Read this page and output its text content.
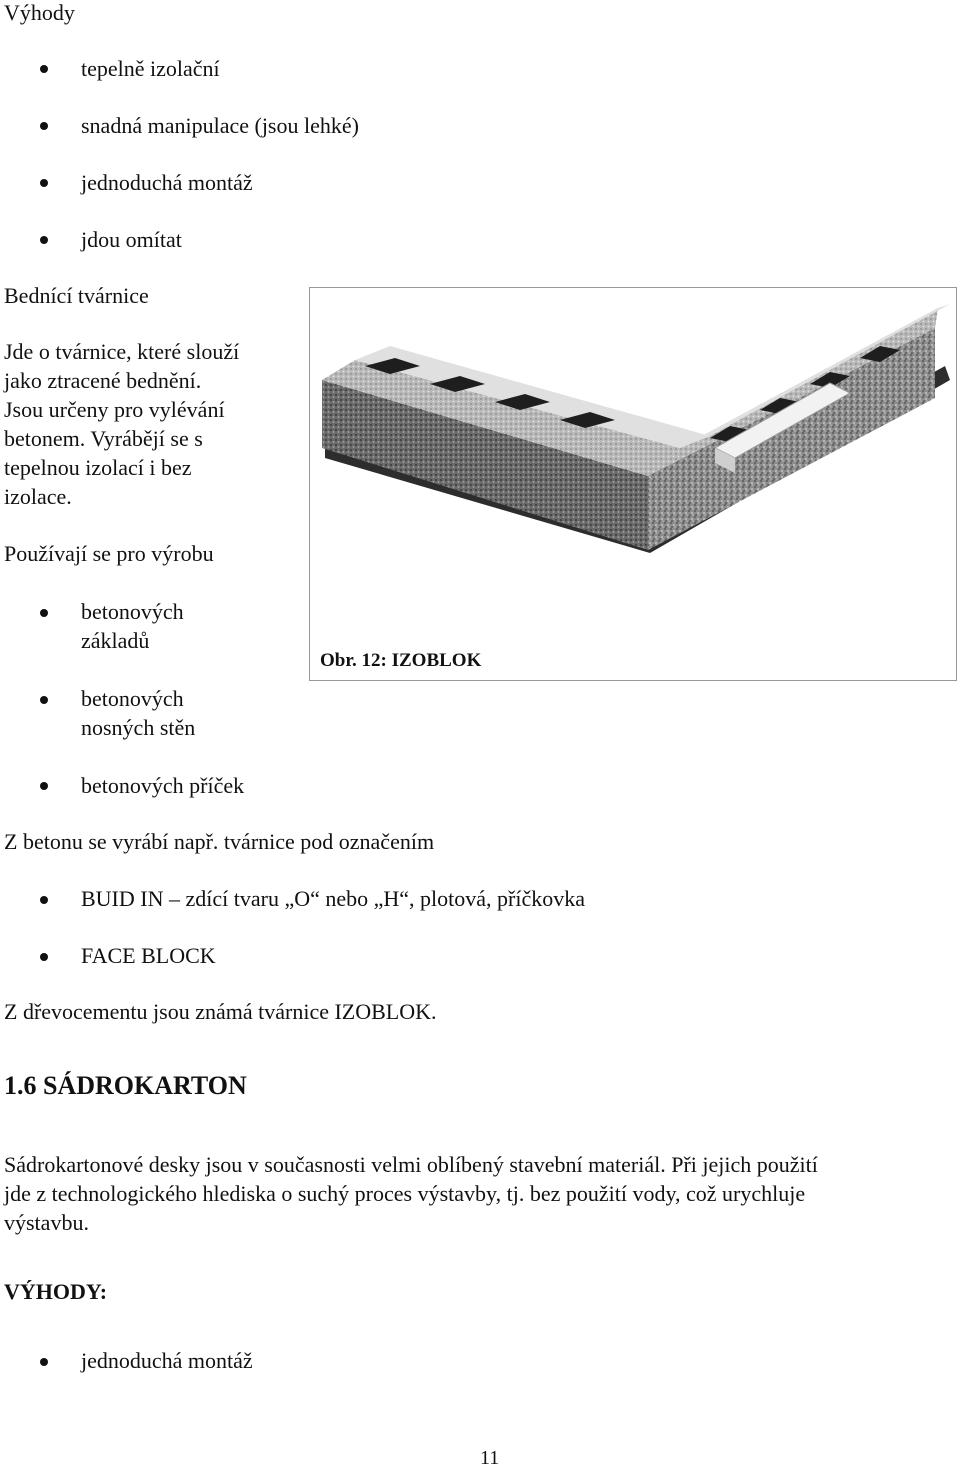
Výhody
tepelně izolační
snadná manipulace (jsou lehké)
jednoduchá montáž
jdou omítat
Bednící tvárnice
Jde o tvárnice, které slouží
jako ztracené bednění.
Jsou určeny pro vylévání
betonem. Vyrábějí se s
tepelnou izolací i bez
izolace.
Používají se pro výrobu
betonových
základů
betonových
nosných stěn
betonových příček
Obr. 12: IZOBLOK
Z betonu se vyrábí např. tvárnice pod označením
BUID IN – zdící tvaru „O“ nebo „H“, plotová, příčkovka
FACE BLOCK
Z dřevocementu jsou známá tvárnice IZOBLOK.
1.6 SÁDROKARTON
Sádrokartonové desky jsou v současnosti velmi oblíbený stavební materiál. Při jejich použití
jde z technologického hlediska o suchý proces výstavby, tj. bez použití vody, což urychluje
výstavbu.
VÝHODY:
jednoduchá montáž
11
